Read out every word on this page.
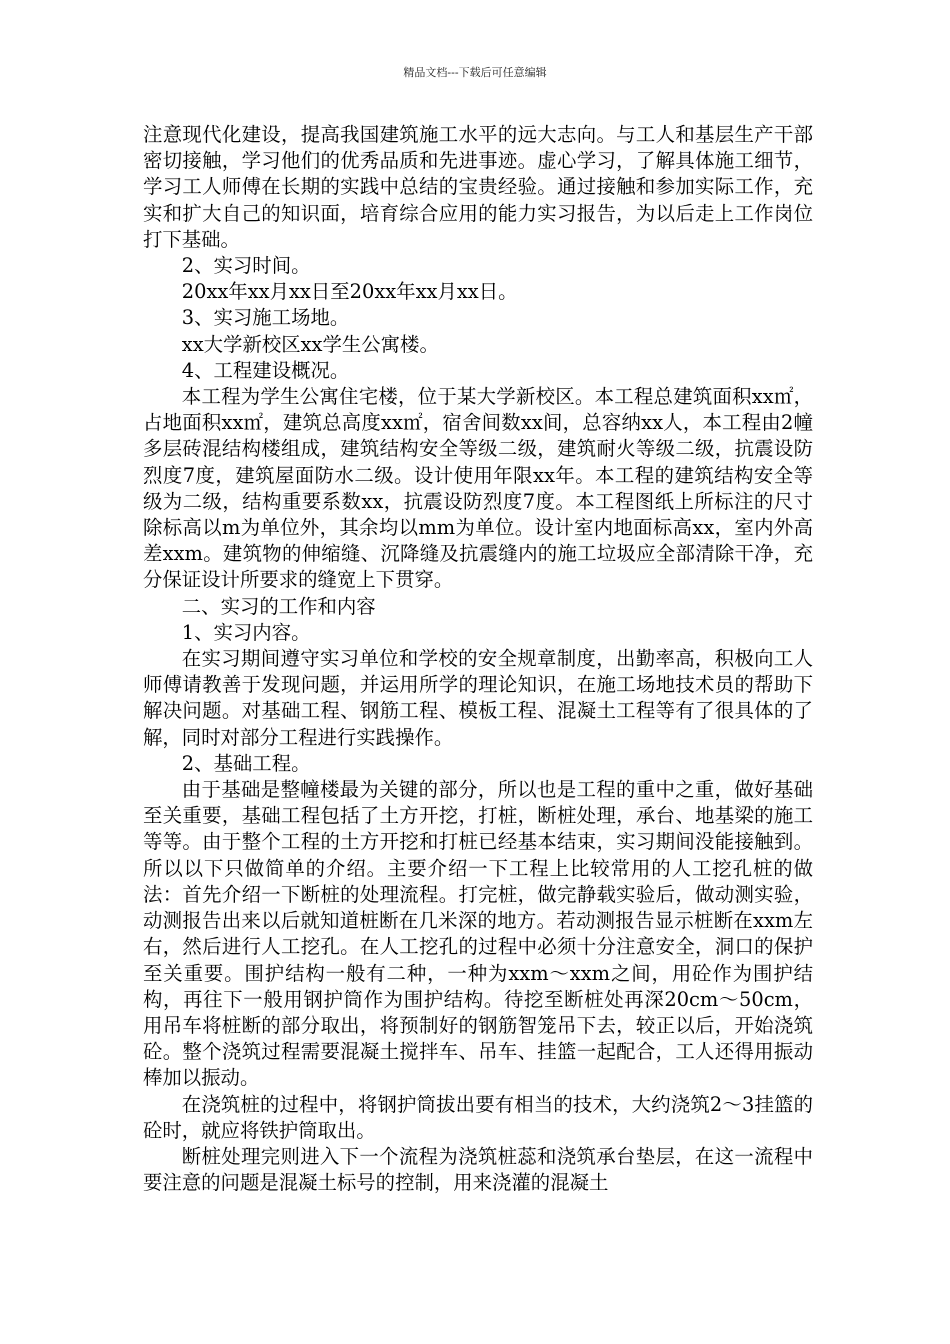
精品文档---下载后可任意编辑

注意现代化建设，提高我国建筑施工水平的远大志向。与工人和基层生产干部密切接触，学习他们的优秀品质和先进事迹。虚心学习，了解具体施工细节，学习工人师傅在长期的实践中总结的宝贵经验。通过接触和参加实际工作，充实和扩大自己的知识面，培育综合应用的能力实习报告，为以后走上工作岗位打下基础。

2、实习时间。

20xx年xx月xx日至20xx年xx月xx日。

3、实习施工场地。

xx大学新校区xx学生公寓楼。

4、工程建设概况。

本工程为学生公寓住宅楼，位于某大学新校区。本工程总建筑面积xx㎡，占地面积xx㎡，建筑总高度xx㎡，宿舍间数xx间，总容纳xx人，本工程由2幢多层砖混结构楼组成，建筑结构安全等级二级，建筑耐火等级二级，抗震设防烈度7度，建筑屋面防水二级。设计使用年限xx年。本工程的建筑结构安全等级为二级，结构重要系数xx，抗震设防烈度7度。本工程图纸上所标注的尺寸除标高以m为单位外，其余均以mm为单位。设计室内地面标高xx，室内外高差xxm。建筑物的伸缩缝、沉降缝及抗震缝内的施工垃圾应全部清除干净，充分保证设计所要求的缝宽上下贯穿。

二、实习的工作和内容

1、实习内容。

在实习期间遵守实习单位和学校的安全规章制度，出勤率高，积极向工人师傅请教善于发现问题，并运用所学的理论知识，在施工场地技术员的帮助下解决问题。对基础工程、钢筋工程、模板工程、混凝土工程等有了很具体的了解，同时对部分工程进行实践操作。

2、基础工程。

由于基础是整幢楼最为关键的部分，所以也是工程的重中之重，做好基础至关重要，基础工程包括了土方开挖，打桩，断桩处理，承台、地基梁的施工等等。由于整个工程的土方开挖和打桩已经基本结束，实习期间没能接触到。所以以下只做简单的介绍。主要介绍一下工程上比较常用的人工挖孔桩的做法：首先介绍一下断桩的处理流程。打完桩，做完静载实验后，做动测实验，动测报告出来以后就知道桩断在几米深的地方。若动测报告显示桩断在xxm左右，然后进行人工挖孔。在人工挖孔的过程中必须十分注意安全，洞口的保护至关重要。围护结构一般有二种，一种为xxm～xxm之间，用砼作为围护结构，再往下一般用钢护筒作为围护结构。待挖至断桩处再深20cm～50cm，用吊车将桩断的部分取出，将预制好的钢筋智笼吊下去，较正以后，开始浇筑砼。整个浇筑过程需要混凝土搅拌车、吊车、挂篮一起配合，工人还得用振动棒加以振动。

在浇筑桩的过程中，将钢护筒拔出要有相当的技术，大约浇筑2～3挂篮的砼时，就应将铁护筒取出。

断桩处理完则进入下一个流程为浇筑桩蕊和浇筑承台垫层，在这一流程中要注意的问题是混凝土标号的控制，用来浇灌的混凝土
